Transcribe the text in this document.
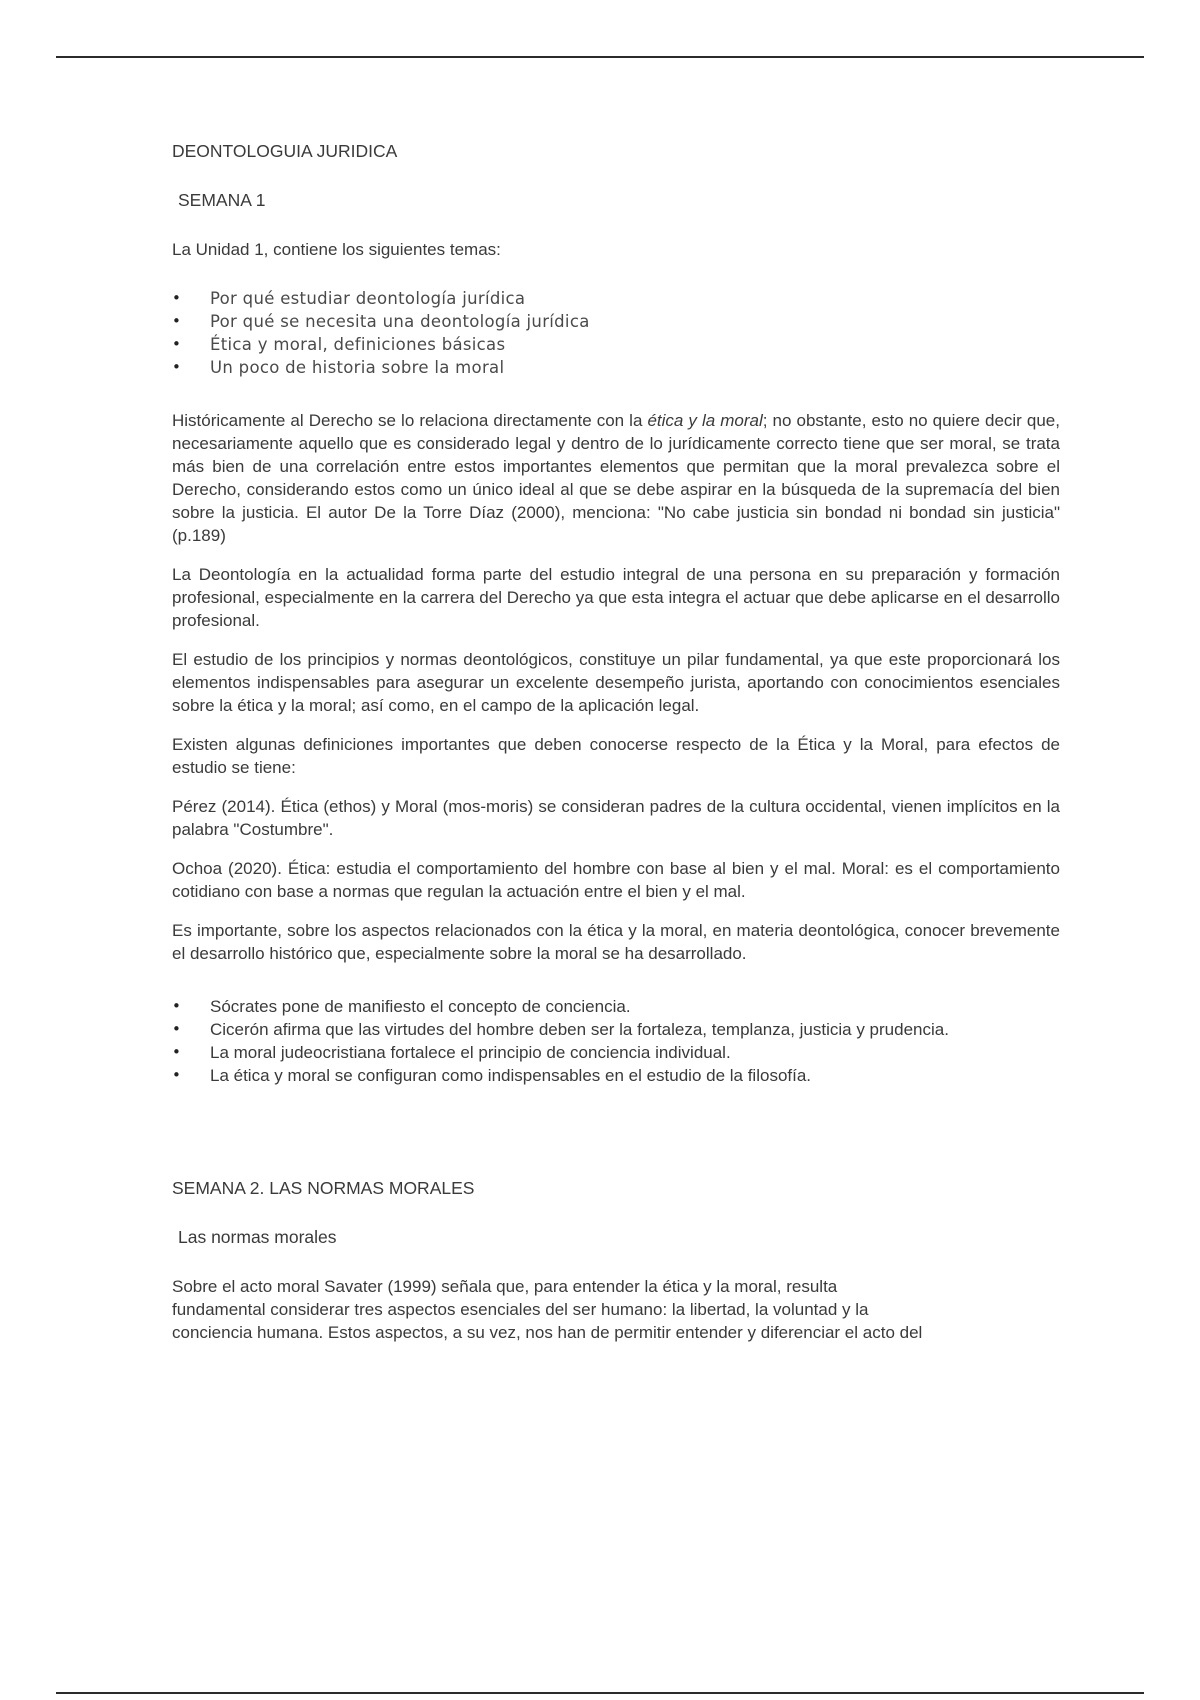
DEONTOLOGUIA JURIDICA
SEMANA 1

La Unidad 1, contiene los siguientes temas:

• Por qué estudiar deontología jurídica
• Por qué se necesita una deontología jurídica
• Ética y moral, definiciones básicas
• Un poco de historia sobre la moral

Históricamente al Derecho se lo relaciona directamente con la ética y la moral; no obstante, esto no quiere decir que, necesariamente aquello que es considerado legal y dentro de lo jurídicamente correcto tiene que ser moral, se trata más bien de una correlación entre estos importantes elementos que permitan que la moral prevalezca sobre el Derecho, considerando estos como un único ideal al que se debe aspirar en la búsqueda de la supremacía del bien sobre la justicia. El autor De la Torre Díaz (2000), menciona: "No cabe justicia sin bondad ni bondad sin justicia" (p.189)

La Deontología en la actualidad forma parte del estudio integral de una persona en su preparación y formación profesional, especialmente en la carrera del Derecho ya que esta integra el actuar que debe aplicarse en el desarrollo profesional.

El estudio de los principios y normas deontológicos, constituye un pilar fundamental, ya que este proporcionará los elementos indispensables para asegurar un excelente desempeño jurista, aportando con conocimientos esenciales sobre la ética y la moral; así como, en el campo de la aplicación legal.

Existen algunas definiciones importantes que deben conocerse respecto de la Ética y la Moral, para efectos de estudio se tiene:

Pérez (2014). Ética (ethos) y Moral (mos-moris) se consideran padres de la cultura occidental, vienen implícitos en la palabra "Costumbre".

Ochoa (2020). Ética: estudia el comportamiento del hombre con base al bien y el mal. Moral: es el comportamiento cotidiano con base a normas que regulan la actuación entre el bien y el mal.

Es importante, sobre los aspectos relacionados con la ética y la moral, en materia deontológica, conocer brevemente el desarrollo histórico que, especialmente sobre la moral se ha desarrollado.

• Sócrates pone de manifiesto el concepto de conciencia.
• Cicerón afirma que las virtudes del hombre deben ser la fortaleza, templanza, justicia y prudencia.
• La moral judeocristiana fortalece el principio de conciencia individual.
• La ética y moral se configuran como indispensables en el estudio de la filosofía.
SEMANA 2. LAS NORMAS MORALES
Las normas morales

Sobre el acto moral Savater (1999) señala que, para entender la ética y la moral, resulta
fundamental considerar tres aspectos esenciales del ser humano: la libertad, la voluntad y la
conciencia humana. Estos aspectos, a su vez, nos han de permitir entender y diferenciar el acto del
